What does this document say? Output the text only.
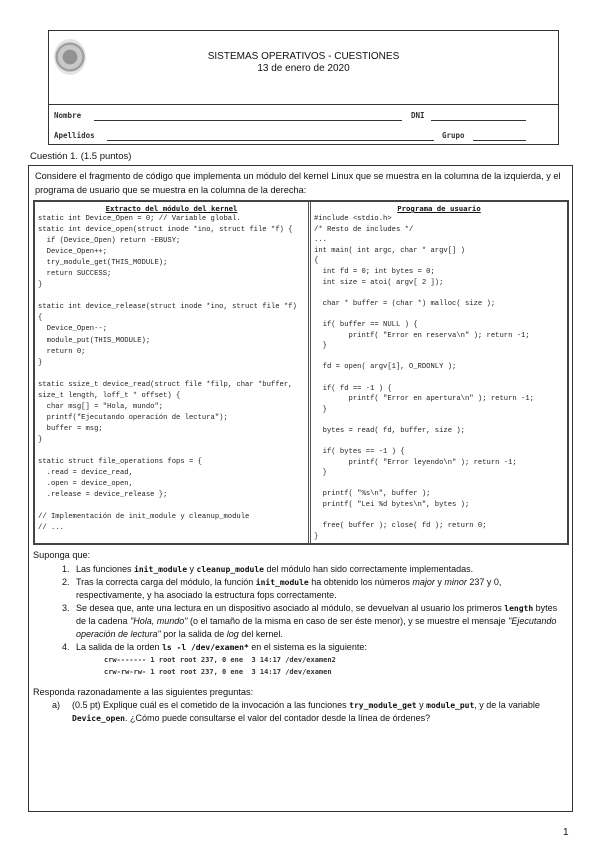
SISTEMAS OPERATIVOS - CUESTIONES
13 de enero de 2020
Nombre	DNI
Apellidos	Grupo
Cuestión 1. (1.5 puntos)
Considere el fragmento de código que implementa un módulo del kernel Linux que se muestra en la columna de la izquierda, y el programa de usuario que se muestra en la columna de la derecha:
Extracto del módulo del kernel
static int Device_Open = 0; // Variable global.
static int device_open(struct inode *ino, struct file *f) {
if (Device_Open) return -EBUSY;
Device_Open++;
try_module_get(THIS_MODULE);
return SUCCESS;
}

static int device_release(struct inode *ino, struct file *f)
{
Device_Open--;
module_put(THIS_MODULE);
return 0;
}

static ssize_t device_read(struct file *filp, char *buffer,
size_t length, loff_t * offset) {
char msg[] = "Hola, mundo";
printf("Ejecutando operación de lectura");
buffer = msg;
}

static struct file_operations fops = {
.read = device_read,
.open = device_open,
.release = device_release };

// Implementación de init_module y cleanup_module
// ...
Programa de usuario
#include <stdio.h>
/* Resto de includes */
...
int main( int argc, char * argv[] )
{
int fd = 0; int bytes = 0;
int size = atoi( argv[ 2 ]);

char * buffer = (char *) malloc( size );

if( buffer == NULL ) {
printf( "Error en reserva\n" ); return -1;
}

fd = open( argv[1], O_RDONLY );

if( fd == -1 ) {
printf( "Error en apertura\n" ); return -1;
}

bytes = read( fd, buffer, size );

if( bytes == -1 ) {
printf( "Error leyendo\n" ); return -1;
}

printf( "%s\n", buffer );
printf( "Lei %d bytes\n", bytes );

free( buffer ); close( fd ); return 0;
}
Suponga que:
1. Las funciones init_module y cleanup_module del módulo han sido correctamente implementadas.
2. Tras la correcta carga del módulo, la función init_module ha obtenido los números major y minor 237 y 0, respectivamente, y ha asociado la estructura fops correctamente.
3. Se desea que, ante una lectura en un dispositivo asociado al módulo, se devuelvan al usuario los primeros length bytes de la cadena "Hola, mundo" (o el tamaño de la misma en caso de ser éste menor), y se muestre el mensaje "Ejecutando operación de lectura" por la salida de log del kernel.
4. La salida de la orden ls -l /dev/examen* en el sistema es la siguiente:
crw------- 1 root root 237, 0 ene  3 14:17 /dev/examen2
crw-rw-rw- 1 root root 237, 0 ene  3 14:17 /dev/examen
Responda razonadamente a las siguientes preguntas:
a) (0.5 pt) Explique cuál es el cometido de la invocación a las funciones try_module_get y module_put, y de la variable Device_open. ¿Cómo puede consultarse el valor del contador desde la línea de órdenes?
1
